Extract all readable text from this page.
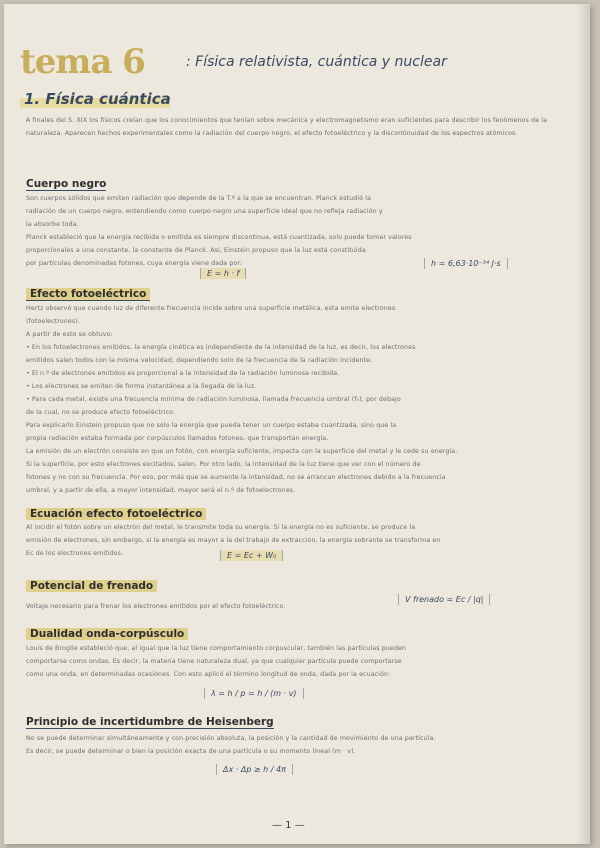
tema 6	: Física relativista, cuántica y nuclear
1. Física cuántica
A finales del S. XIX los físicos creían que los conocimientos que tenían sobre mecánica y electromagnetismo eran suficientes para describir los fenómenos de la naturaleza. Aparecen hechos experimentales como la radiación del cuerpo negro, el efecto fotoeléctrico y la discontinuidad de los espectros atómicos.
Cuerpo negro
Son cuerpos sólidos que emiten radiación que depende de la T.ª a la que se encuentran. Planck estudió la
radiación de un cuerpo negro, entendiendo como cuerpo negro una superficie ideal que no refleja radiación y
la absorbe toda.
Planck estableció que la energía recibida o emitida es siempre discontinua, está cuantizada, solo puede tomar valores
proporcionales a una constante, la constante de Planck. Así, Einstein propuso que la luz está constituida
por partículas denominadas fotones, cuya energía viene dada por:
E = h · f
h = 6,63·10⁻³⁴ J·s
Efecto fotoeléctrico
Hertz observó que cuando luz de diferente frecuencia incide sobre una superficie metálica, esta emite electrones
(fotoelectrones).
A partir de esto se obtuvo:
• En los fotoelectrones emitidos, la energía cinética es independiente de la intensidad de la luz, es decir, los electrones
emitidos salen todos con la misma velocidad, dependiendo solo de la frecuencia de la radiación incidente.
• El n.º de electrones emitidos es proporcional a la intensidad de la radiación luminosa recibida.
• Los electrones se emiten de forma instantánea a la llegada de la luz.
• Para cada metal, existe una frecuencia mínima de radiación luminosa, llamada frecuencia umbral (f₀), por debajo
de la cual, no se produce efecto fotoeléctrico.
Para explicarlo Einstein propuso que no solo la energía que pueda tener un cuerpo estaba cuantizada, sino que la
propia radiación estaba formada por corpúsculos llamados fotones, que transportan energía.
La emisión de un electrón consiste en que un fotón, con energía suficiente, impacta con la superficie del metal y le cede su energía.
Si la superficie, por esto electrones excitados, salen. Por otro lado, la intensidad de la luz tiene que ver con el número de
fotones y no con su frecuencia. Por eso, por más que se aumente la intensidad, no se arrancan electrones debido a la frecuencia
umbral, y a partir de ella, a mayor intensidad, mayor será el n.º de fotoelectrones.
Ecuación efecto fotoeléctrico
Al incidir el fotón sobre un electrón del metal, le transmite toda su energía. Si la energía no es suficiente, se produce la
emisión de electrones, sin embargo, si la energía es mayor a la del trabajo de extracción, la energía sobrante se transforma en
Ec de los electrones emitidos.	E = Ec + W₀
Potencial de frenado
Voltaje necesario para frenar los electrones emitidos por el efecto fotoeléctrico.
V frenado = Ec / |q|
Dualidad onda-corpúsculo
Louis de Broglie estableció que, al igual que la luz tiene comportamiento corpuscular, también las partículas pueden
comportarse como ondas. Es decir, la materia tiene naturaleza dual, ya que cualquier partícula puede comportarse
como una onda, en determinadas ocasiones. Con esto aplicó el término longitud de onda, dada por la ecuación:
λ = h / p = h / (m · v)
Principio de incertidumbre de Heisenberg
No se puede determinar simultáneamente y con precisión absoluta, la posición y la cantidad de movimiento de una partícula.
Es decir, se puede determinar o bien la posición exacta de una partícula o su momento lineal (m · v).
Δx · Δp ≥ h / 4π
— 1 —
